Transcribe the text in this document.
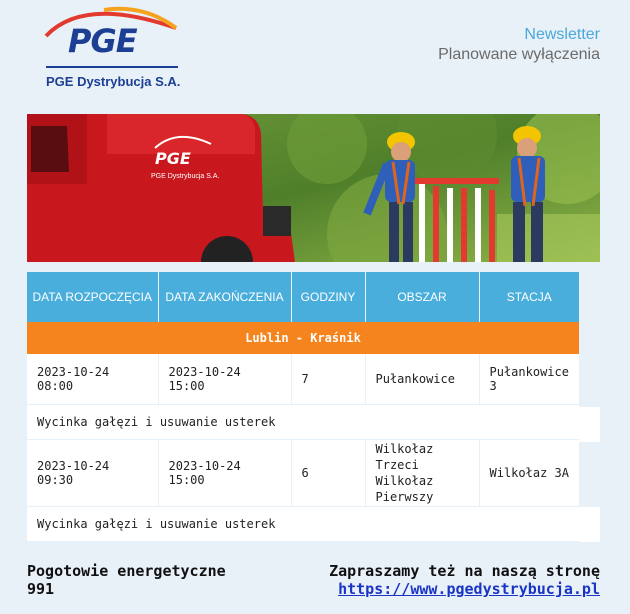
PGE
PGE Dystrybucja S.A.
Newsletter
Planowane wyłączenia
PGE
PGE Dystrybucja S.A.
DATA ROZPOCZĘCIA	DATA ZAKOŃCZENIA	GODZINY	OBSZAR	STACJA
Lublin - Kraśnik				
2023-10-24 08:00	2023-10-24 15:00	7	Pułankowice	Pułankowice 3
Wycinka gałęzi i usuwanie usterek				
2023-10-24 09:30	2023-10-24 15:00	6	Wilkołaz Trzeci Wilkołaz Pierwszy	Wilkołaz 3A
Wycinka gałęzi i usuwanie usterek				
Pogotowie energetyczne
991
Zapraszamy też na naszą stronę
https://www.pgedystrybucja.pl
